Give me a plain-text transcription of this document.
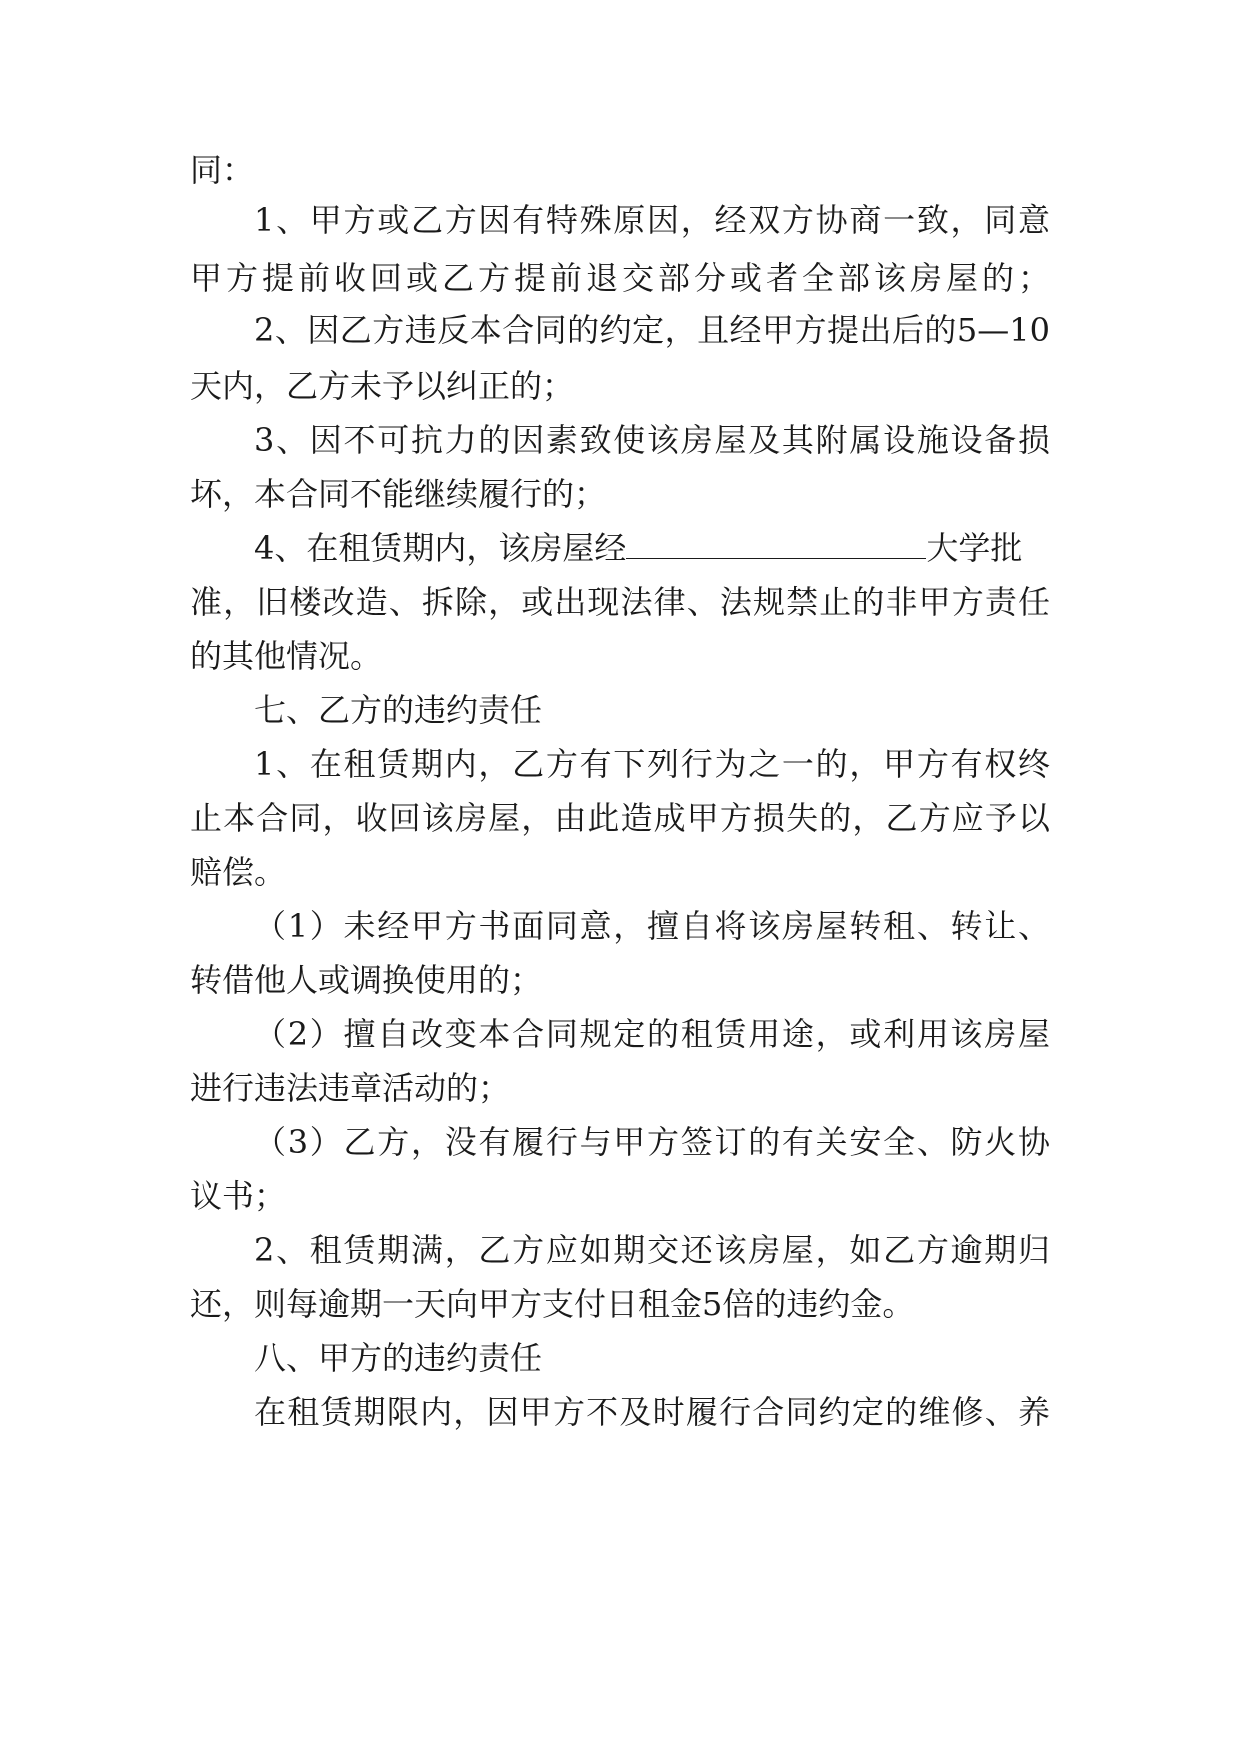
同：
1、甲方或乙方因有特殊原因，经双方协商一致，同意
甲方提前收回或乙方提前退交部分或者全部该房屋的；
2、因乙方违反本合同的约定，且经甲方提出后的5—10
天内，乙方未予以纠正的；
3、因不可抗力的因素致使该房屋及其附属设施设备损
坏，本合同不能继续履行的；
4、在租赁期内，该房屋经	大学批
准，旧楼改造、拆除，或出现法律、法规禁止的非甲方责任
的其他情况。
七、乙方的违约责任
1、在租赁期内，乙方有下列行为之一的，甲方有权终
止本合同，收回该房屋，由此造成甲方损失的，乙方应予以
赔偿。
（1）未经甲方书面同意，擅自将该房屋转租、转让、
转借他人或调换使用的；
（2）擅自改变本合同规定的租赁用途，或利用该房屋
进行违法违章活动的；
（3）乙方，没有履行与甲方签订的有关安全、防火协
议书；
2、租赁期满，乙方应如期交还该房屋，如乙方逾期归
还，则每逾期一天向甲方支付日租金5倍的违约金。
八、甲方的违约责任
在租赁期限内，因甲方不及时履行合同约定的维修、养
